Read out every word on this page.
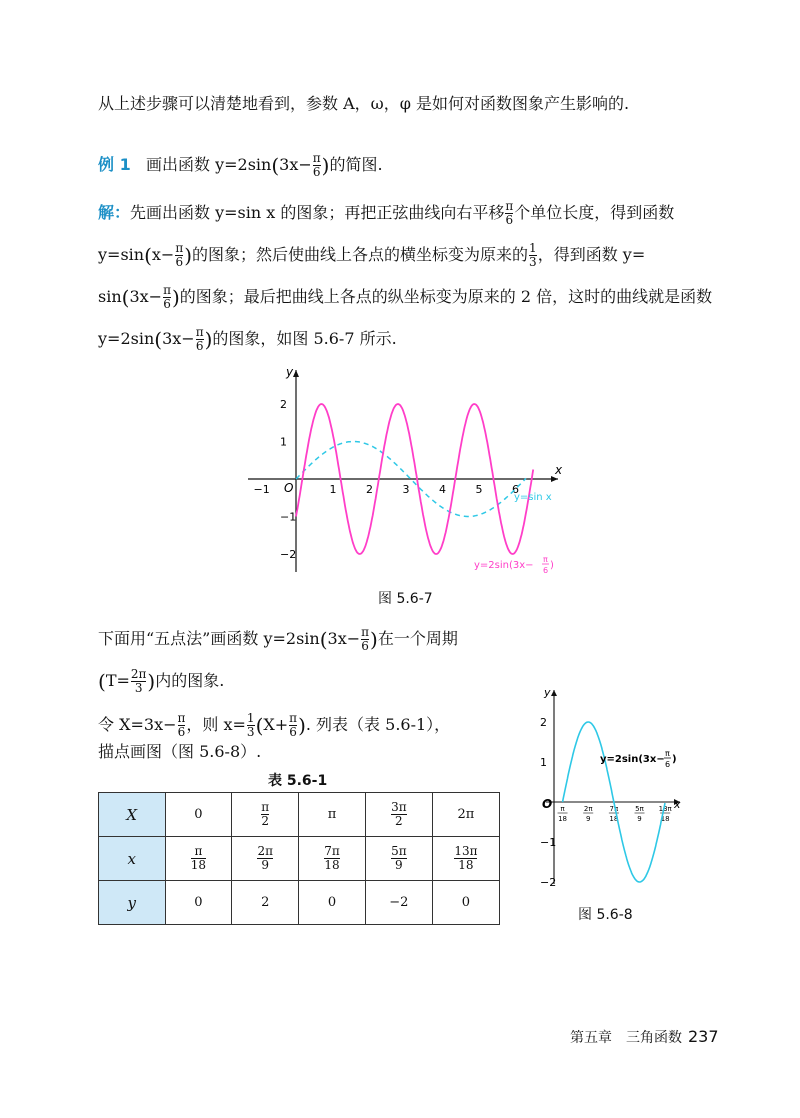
从上述步骤可以清楚地看到，参数 A，ω，φ 是如何对函数图象产生影响的.
例 1 画出函数 $y=2\sin(3x- \frac{\pi}{6}$ )的简图.
解：先画出函数 y=sin x 的图象；再把正弦曲线向右平移 $\frac{\pi}{6}$ 个单位长度，得到函数
$y=\sin(x- \frac{\pi}{6}$ )的图象；然后使曲线上各点的横坐标变为原来的 $\frac{1}{3}$ ，得到函数 y=
$\sin(3x- \frac{\pi}{6}$ )的图象；最后把曲线上各点的纵坐标变为原来的 2 倍，这时的曲线就是函数
$y=2\sin(3x- \frac{\pi}{6}$ )的图象，如图 5.6-7 所示.
y
x
O
−1	1	2	3	4	5	6
2
1
−1
−2
y=sin x
y=2sin(3x−
π
6 )
图 5.6-7
下面用“五点法”画函数 $y=2\sin(3x- \frac{\pi}{6}$ )在一个周期
($T= \frac{2\pi}{3}$ )内的图象.
令 $X=3x- \frac{\pi}{6}$ ，则 $x= \frac{1}{3} (X+ \frac{\pi}{6}$ ). 列表（表 5.6-1），
描点画图（图 5.6-8）.
表 5.6-1
X	0	$\frac{\pi}{2}$	π	$\frac{3\pi}{2}$	2π
x	$\frac{\pi}{18}$	$\frac{2\pi}{9}$	$\frac{7\pi}{18}$	$\frac{5\pi}{9}$	$\frac{13\pi}{18}$

y	0	2	0	−2	0
y
x
O π
18
2π
9
7π
18
5π
9
13π
18
2
1
−1
−2
y=2sin(3x−
π
6 )
图 5.6-8
第五章　三角函数 237
